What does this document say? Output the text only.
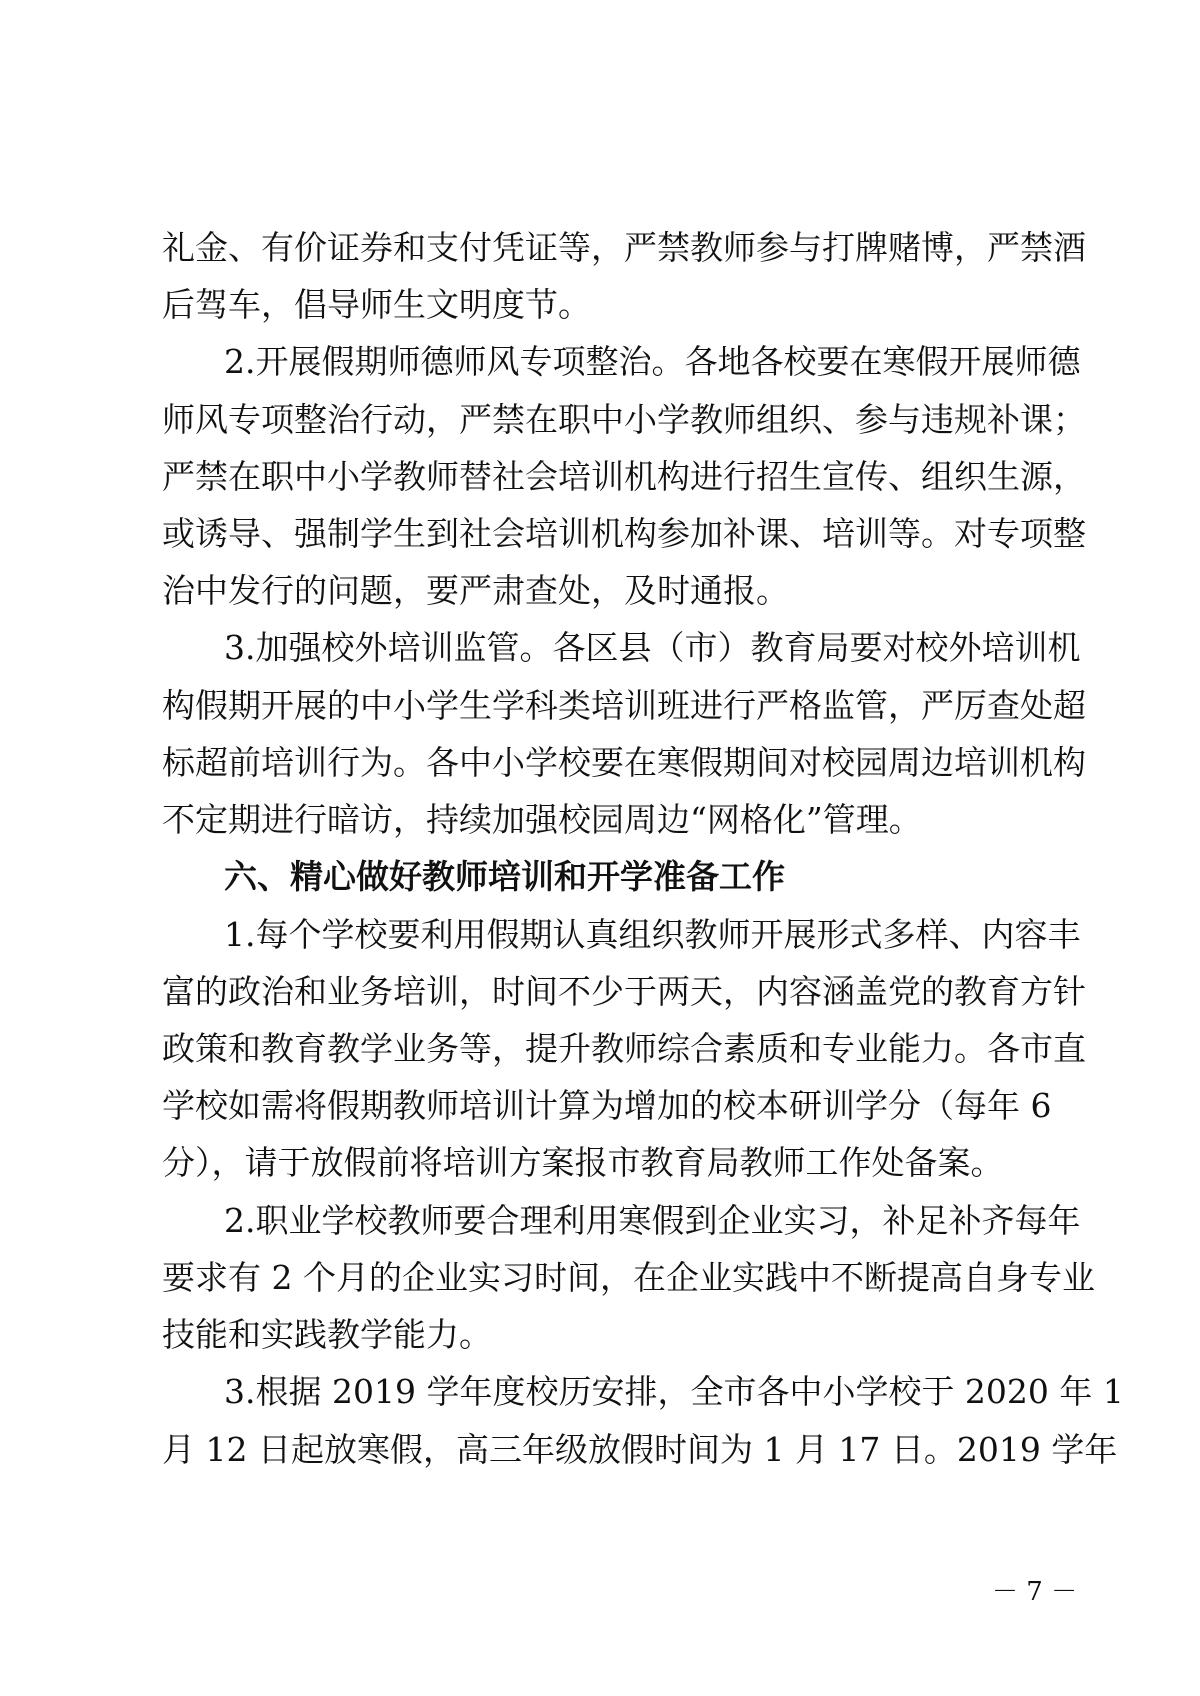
礼金、有价证券和支付凭证等，严禁教师参与打牌赌博，严禁酒
后驾车，倡导师生文明度节。
2.开展假期师德师风专项整治。各地各校要在寒假开展师德
师风专项整治行动，严禁在职中小学教师组织、参与违规补课；
严禁在职中小学教师替社会培训机构进行招生宣传、组织生源，
或诱导、强制学生到社会培训机构参加补课、培训等。对专项整
治中发行的问题，要严肃查处，及时通报。
3.加强校外培训监管。各区县（市）教育局要对校外培训机
构假期开展的中小学生学科类培训班进行严格监管，严厉查处超
标超前培训行为。各中小学校要在寒假期间对校园周边培训机构
不定期进行暗访，持续加强校园周边“网格化”管理。
六、精心做好教师培训和开学准备工作
1.每个学校要利用假期认真组织教师开展形式多样、内容丰
富的政治和业务培训，时间不少于两天，内容涵盖党的教育方针
政策和教育教学业务等，提升教师综合素质和专业能力。各市直
学校如需将假期教师培训计算为增加的校本研训学分（每年 6
分），请于放假前将培训方案报市教育局教师工作处备案。
2.职业学校教师要合理利用寒假到企业实习，补足补齐每年
要求有 2 个月的企业实习时间，在企业实践中不断提高自身专业
技能和实践教学能力。
3.根据 2019 学年度校历安排，全市各中小学校于 2020 年 1
月 12 日起放寒假，高三年级放假时间为 1 月 17 日。2019 学年
－ 7 －
